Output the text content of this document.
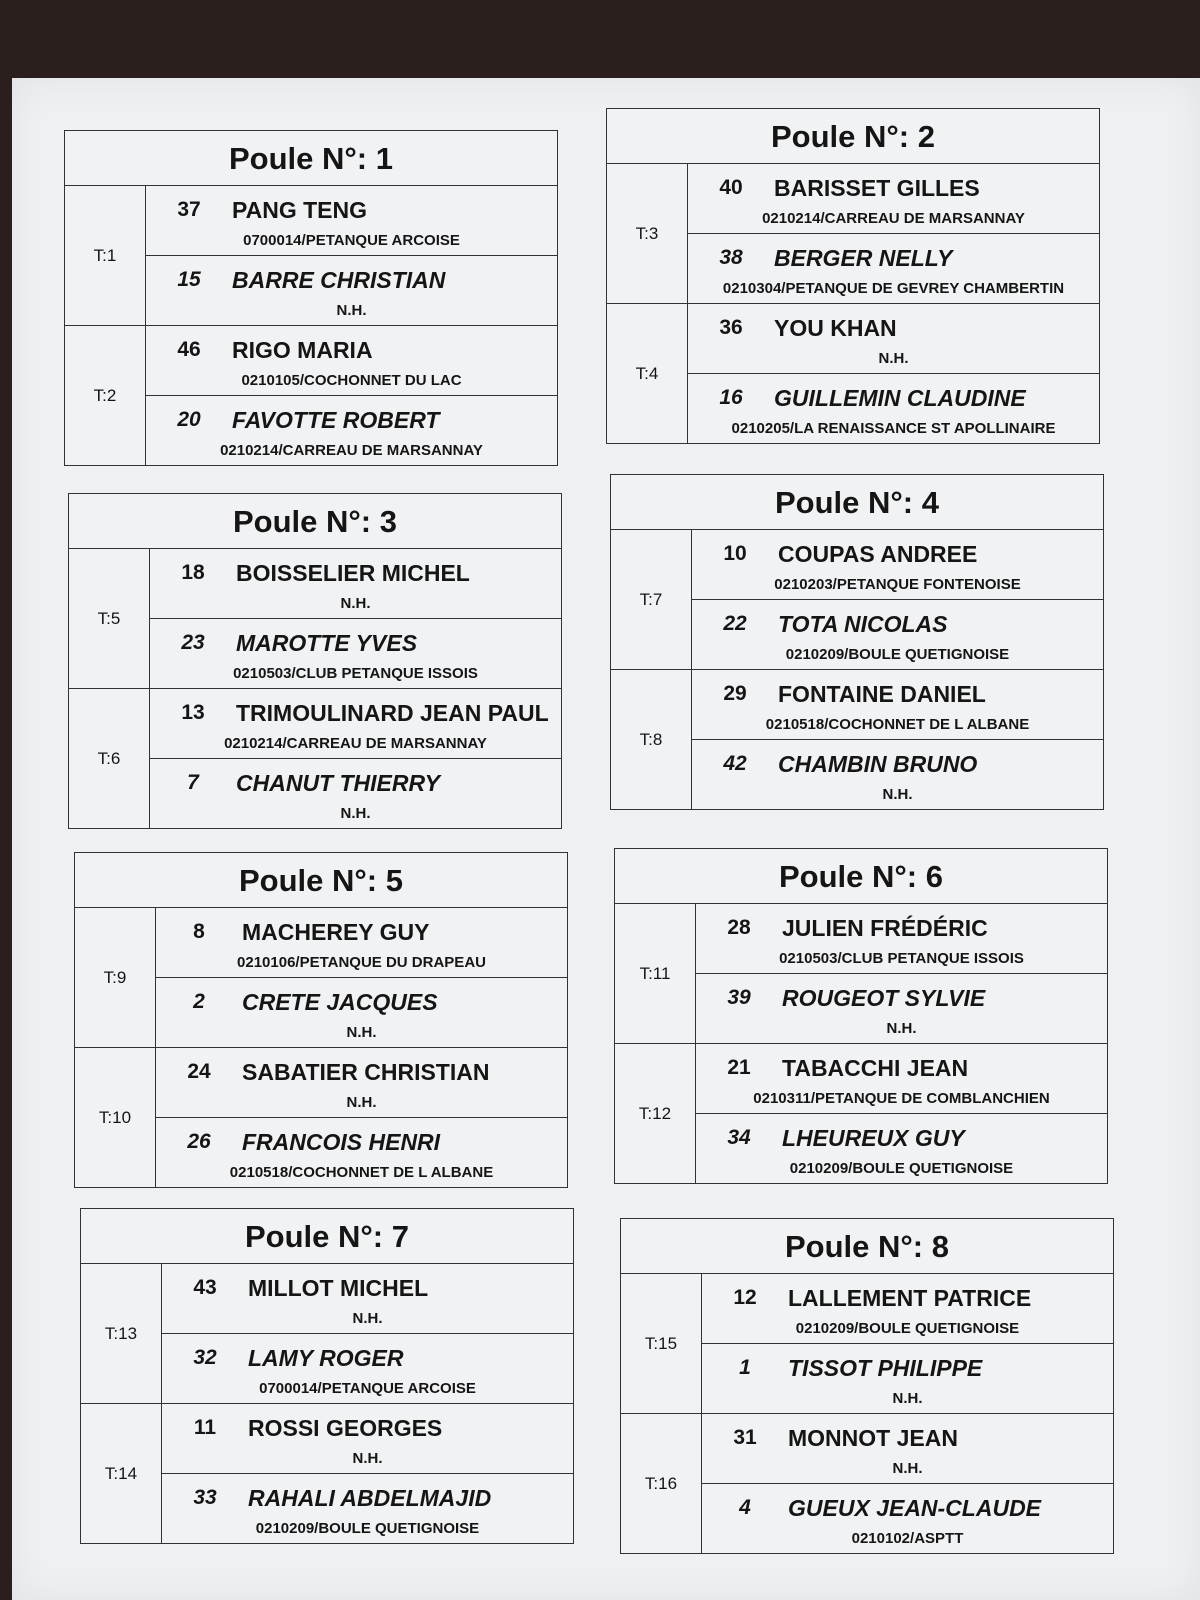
Poule N°: 1
T:1
37	PANG TENG
0700014/PETANQUE ARCOISE
15	BARRE CHRISTIAN
N.H.
T:2
46	RIGO MARIA
0210105/COCHONNET DU LAC
20	FAVOTTE ROBERT
0210214/CARREAU DE MARSANNAY
Poule N°: 2
T:3
40	BARISSET GILLES
0210214/CARREAU DE MARSANNAY
38	BERGER NELLY
0210304/PETANQUE DE GEVREY CHAMBERTIN
T:4
36	YOU KHAN
N.H.
16	GUILLEMIN CLAUDINE
0210205/LA RENAISSANCE ST APOLLINAIRE
Poule N°: 3
T:5
18	BOISSELIER MICHEL
N.H.
23	MAROTTE YVES
0210503/CLUB PETANQUE ISSOIS
T:6
13	TRIMOULINARD JEAN PAUL
0210214/CARREAU DE MARSANNAY
7	CHANUT THIERRY
N.H.
Poule N°: 4
T:7
10	COUPAS ANDREE
0210203/PETANQUE FONTENOISE
22	TOTA NICOLAS
0210209/BOULE QUETIGNOISE
T:8
29	FONTAINE DANIEL
0210518/COCHONNET DE L ALBANE
42	CHAMBIN BRUNO
N.H.
Poule N°: 5
T:9
8	MACHEREY GUY
0210106/PETANQUE DU DRAPEAU
2	CRETE JACQUES
N.H.
T:10
24	SABATIER CHRISTIAN
N.H.
26	FRANCOIS HENRI
0210518/COCHONNET DE L ALBANE
Poule N°: 6
T:11
28	JULIEN FRÉDÉRIC
0210503/CLUB PETANQUE ISSOIS
39	ROUGEOT SYLVIE
N.H.
T:12
21	TABACCHI JEAN
0210311/PETANQUE DE COMBLANCHIEN
34	LHEUREUX GUY
0210209/BOULE QUETIGNOISE
Poule N°: 7
T:13
43	MILLOT MICHEL
N.H.
32	LAMY ROGER
0700014/PETANQUE ARCOISE
T:14
11	ROSSI GEORGES
N.H.
33	RAHALI ABDELMAJID
0210209/BOULE QUETIGNOISE
Poule N°: 8
T:15
12	LALLEMENT PATRICE
0210209/BOULE QUETIGNOISE
1	TISSOT PHILIPPE
N.H.
T:16
31	MONNOT JEAN
N.H.
4	GUEUX JEAN-CLAUDE
0210102/ASPTT
